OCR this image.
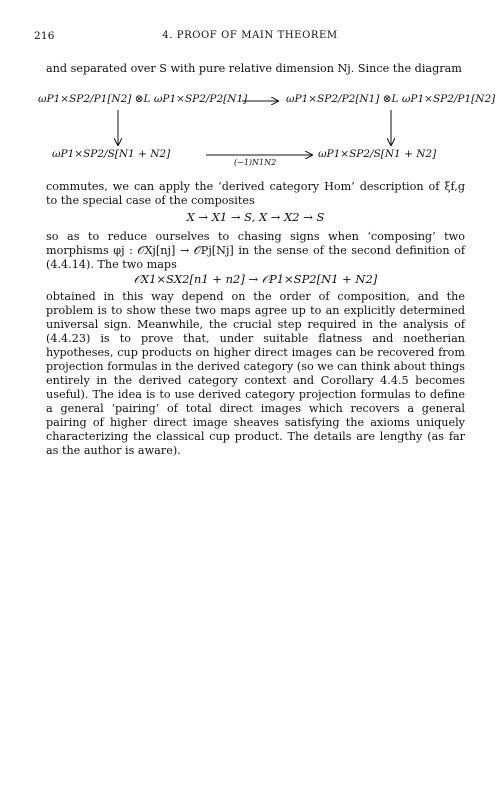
216	4. PROOF OF MAIN THEOREM
and separated over S with pure relative dimension Nj. Since the diagram
ωP1×SP2/P1[N2] ⊗L ωP1×SP2/P2[N1]	ωP1×SP2/P2[N1] ⊗L ωP1×SP2/P1[N2]
ωP1×SP2/S[N1 + N2]	ωP1×SP2/S[N1 + N2]
(−1)N1N2
commutes, we can apply the ‘derived category Hom’ description of ξf,g to the special case of the composites
X → X1 → S, X → X2 → S
so as to reduce ourselves to chasing signs when ‘composing’ two morphisms φj : 𝒪Xj[nj] → 𝒪Pj[Nj] in the sense of the second definition of (4.4.14). The two maps
𝒪X1×SX2[n1 + n2] → 𝒪P1×SP2[N1 + N2]
obtained in this way depend on the order of composition, and the problem is to show these two maps agree up to an explicitly determined universal sign. Meanwhile, the crucial step required in the analysis of (4.4.23) is to prove that, under suitable flatness and noetherian hypotheses, cup products on higher direct images can be recovered from projection formulas in the derived category (so we can think about things entirely in the derived category context and Corollary 4.4.5 becomes useful). The idea is to use derived category projection formulas to define a general ‘pairing’ of total direct images which recovers a general pairing of higher direct image sheaves satisfying the axioms uniquely characterizing the classical cup product. The details are lengthy (as far as the author is aware).
